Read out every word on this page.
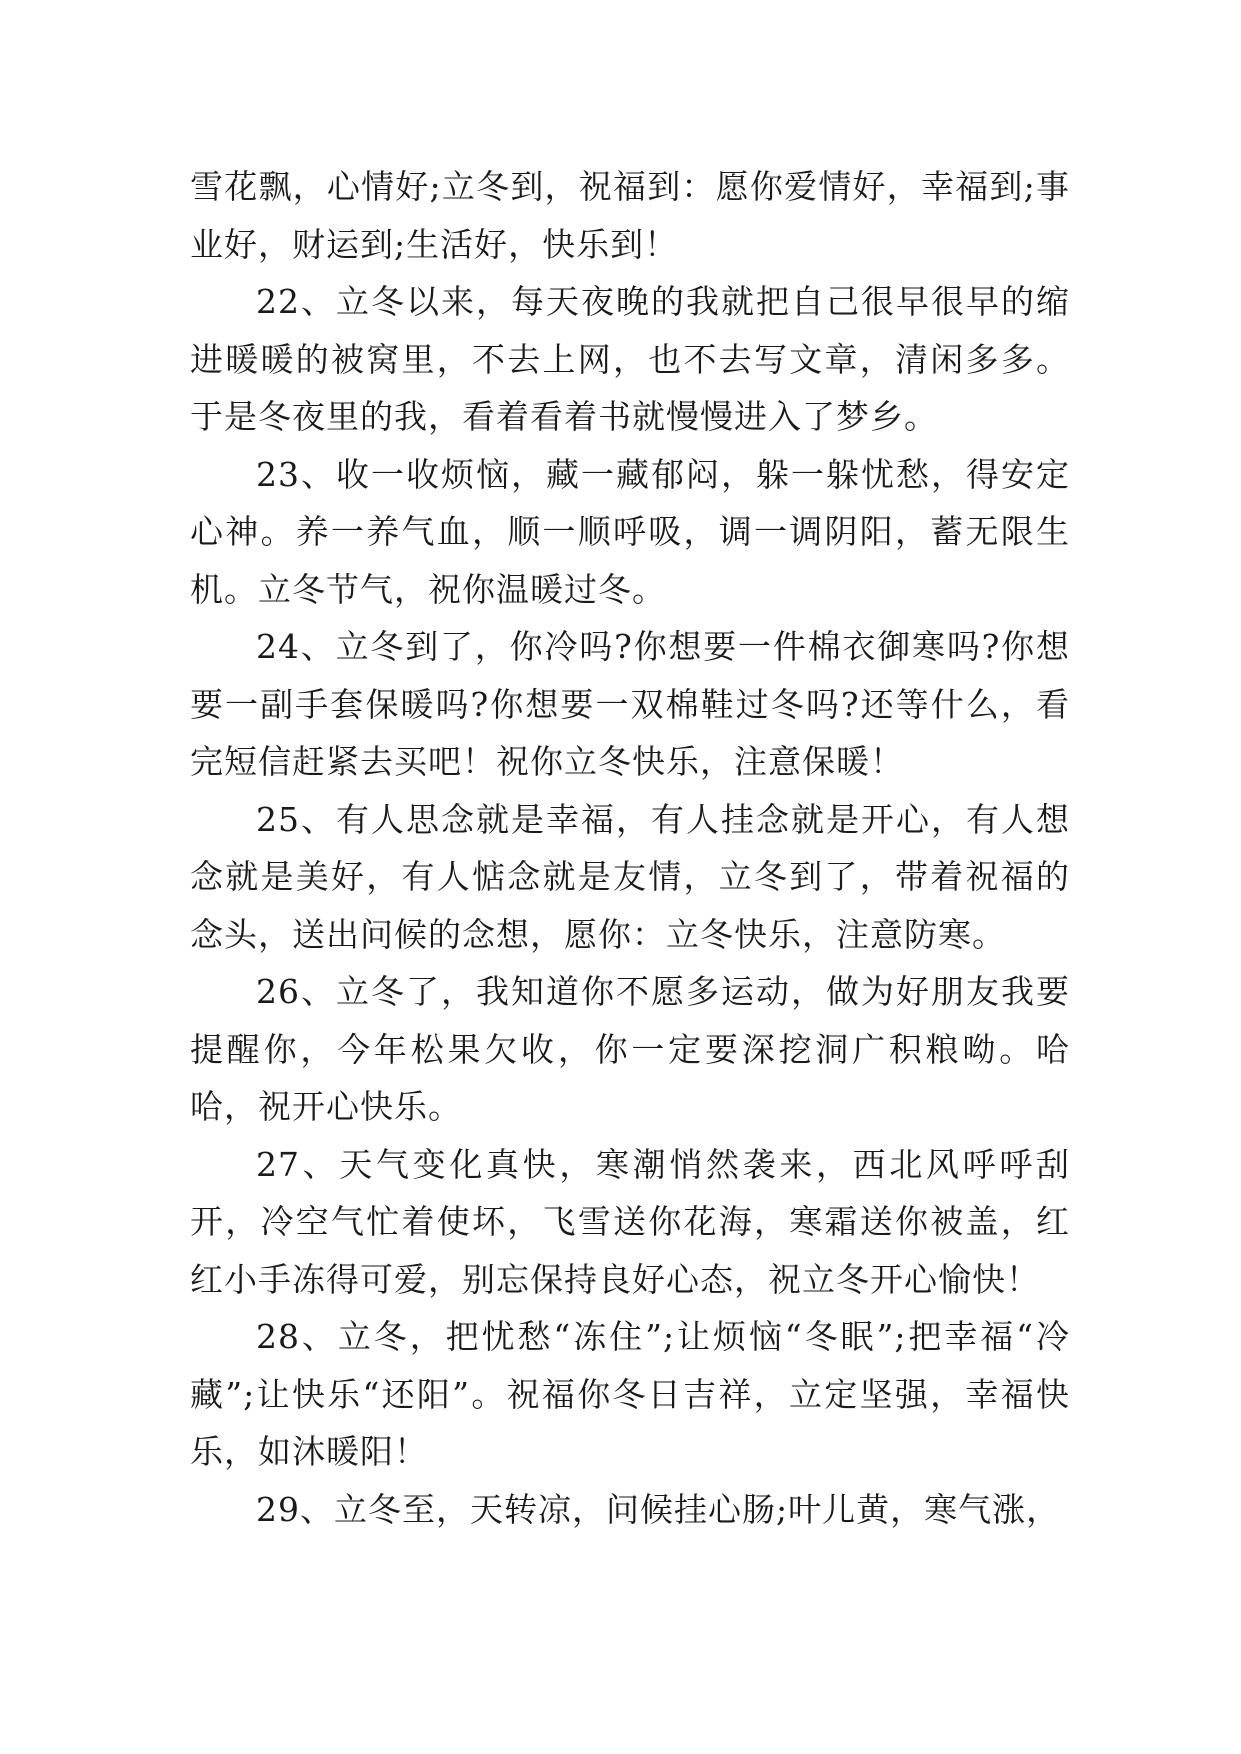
雪花飘，心情好;立冬到，祝福到：愿你爱情好，幸福到;事业好，财运到;生活好，快乐到！

22、立冬以来，每天夜晚的我就把自己很早很早的缩进暖暖的被窝里，不去上网，也不去写文章，清闲多多。于是冬夜里的我，看着看着书就慢慢进入了梦乡。

23、收一收烦恼，藏一藏郁闷，躲一躲忧愁，得安定心神。养一养气血，顺一顺呼吸，调一调阴阳，蓄无限生机。立冬节气，祝你温暖过冬。

24、立冬到了，你冷吗?你想要一件棉衣御寒吗?你想要一副手套保暖吗?你想要一双棉鞋过冬吗?还等什么，看完短信赶紧去买吧！祝你立冬快乐，注意保暖！

25、有人思念就是幸福，有人挂念就是开心，有人想念就是美好，有人惦念就是友情，立冬到了，带着祝福的念头，送出问候的念想，愿你：立冬快乐，注意防寒。

26、立冬了，我知道你不愿多运动，做为好朋友我要提醒你，今年松果欠收，你一定要深挖洞广积粮呦。哈哈，祝开心快乐。

27、天气变化真快，寒潮悄然袭来，西北风呼呼刮开，冷空气忙着使坏，飞雪送你花海，寒霜送你被盖，红红小手冻得可爱，别忘保持良好心态，祝立冬开心愉快！

28、立冬，把忧愁“冻住”;让烦恼“冬眠”;把幸福“冷藏”;让快乐“还阳”。祝福你冬日吉祥，立定坚强，幸福快乐，如沐暖阳！

29、立冬至，天转凉，问候挂心肠;叶儿黄，寒气涨，
